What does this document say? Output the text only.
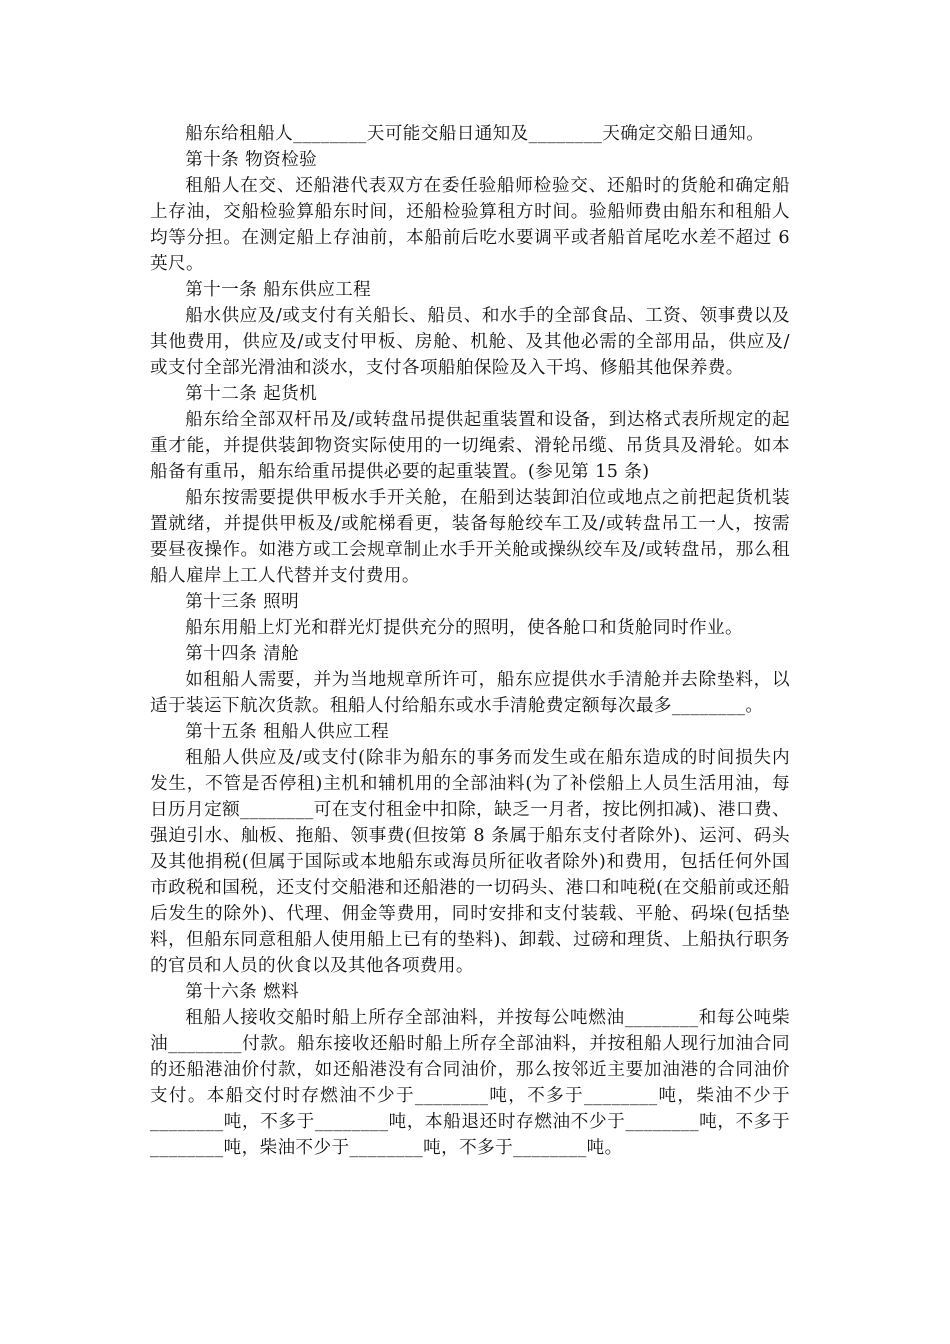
船东给租船人________天可能交船日通知及________天确定交船日通知。

第十条 物资检验

租船人在交、还船港代表双方在委任验船师检验交、还船时的货舱和确定船上存油，交船检验算船东时间，还船检验算租方时间。验船师费由船东和租船人均等分担。在测定船上存油前，本船前后吃水要调平或者船首尾吃水差不超过 6 英尺。

第十一条 船东供应工程

船水供应及/或支付有关船长、船员、和水手的全部食品、工资、领事费以及其他费用，供应及/或支付甲板、房舱、机舱、及其他必需的全部用品，供应及/或支付全部光滑油和淡水，支付各项船舶保险及入干坞、修船其他保养费。

第十二条 起货机

船东给全部双杆吊及/或转盘吊提供起重装置和设备，到达格式表所规定的起重才能，并提供装卸物资实际使用的一切绳索、滑轮吊缆、吊货具及滑轮。如本船备有重吊，船东给重吊提供必要的起重装置。(参见第 15 条)

船东按需要提供甲板水手开关舱，在船到达装卸泊位或地点之前把起货机装置就绪，并提供甲板及/或舵梯看更，装备每舱绞车工及/或转盘吊工一人，按需要昼夜操作。如港方或工会规章制止水手开关舱或操纵绞车及/或转盘吊，那么租船人雇岸上工人代替并支付费用。

第十三条 照明

船东用船上灯光和群光灯提供充分的照明，使各舱口和货舱同时作业。

第十四条 清舱

如租船人需要，并为当地规章所许可，船东应提供水手清舱并去除垫料，以适于装运下航次货款。租船人付给船东或水手清舱费定额每次最多________。

第十五条 租船人供应工程

租船人供应及/或支付(除非为船东的事务而发生或在船东造成的时间损失内发生，不管是否停租)主机和辅机用的全部油料(为了补偿船上人员生活用油，每日历月定额________可在支付租金中扣除，缺乏一月者，按比例扣减)、港口费、强迫引水、舢板、拖船、领事费(但按第 8 条属于船东支付者除外)、运河、码头及其他捐税(但属于国际或本地船东或海员所征收者除外)和费用，包括任何外国市政税和国税，还支付交船港和还船港的一切码头、港口和吨税(在交船前或还船后发生的除外)、代理、佣金等费用，同时安排和支付装载、平舱、码垛(包括垫料，但船东同意租船人使用船上已有的垫料)、卸载、过磅和理货、上船执行职务的官员和人员的伙食以及其他各项费用。

第十六条 燃料

租船人接收交船时船上所存全部油料，并按每公吨燃油________和每公吨柴油________付款。船东接收还船时船上所存全部油料，并按租船人现行加油合同的还船港油价付款，如还船港没有合同油价，那么按邻近主要加油港的合同油价支付。本船交付时存燃油不少于________吨，不多于________吨，柴油不少于________吨，不多于________吨，本船退还时存燃油不少于________吨，不多于________吨，柴油不少于________吨，不多于________吨。
